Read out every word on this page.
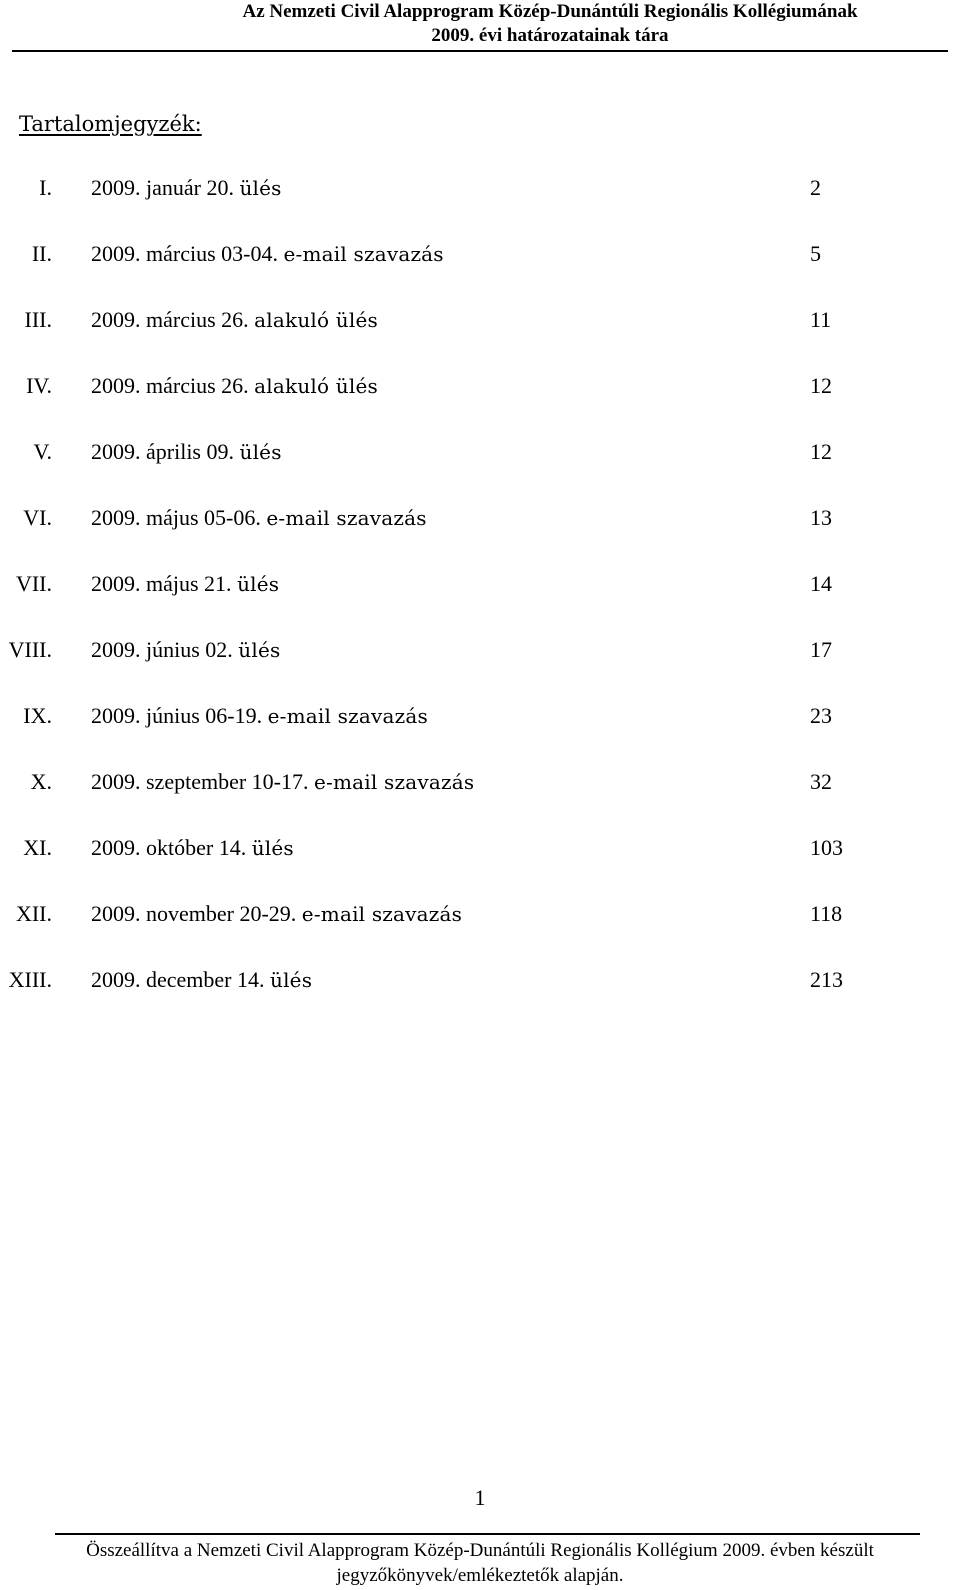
Az Nemzeti Civil Alapprogram Közép-Dunántúli Regionális Kollégiumának
2009. évi határozatainak tára
Tartalomjegyzék:
I. 2009. január 20. ülés	2
II. 2009. március 03-04. e-mail szavazás	5
III. 2009. március 26. alakuló ülés	11
IV. 2009. március 26. alakuló ülés	12
V. 2009. április 09. ülés	12
VI. 2009. május 05-06. e-mail szavazás	13
VII. 2009. május 21. ülés	14
VIII. 2009. június 02. ülés	17
IX. 2009. június 06-19. e-mail szavazás	23
X. 2009. szeptember 10-17. e-mail szavazás	32
XI. 2009. október 14. ülés	103
XII. 2009. november 20-29. e-mail szavazás	118
XIII. 2009. december 14. ülés	213
1
Összeállítva a Nemzeti Civil Alapprogram Közép-Dunántúli Regionális Kollégium 2009. évben készült
jegyzőkönyvek/emlékeztetők alapján.
